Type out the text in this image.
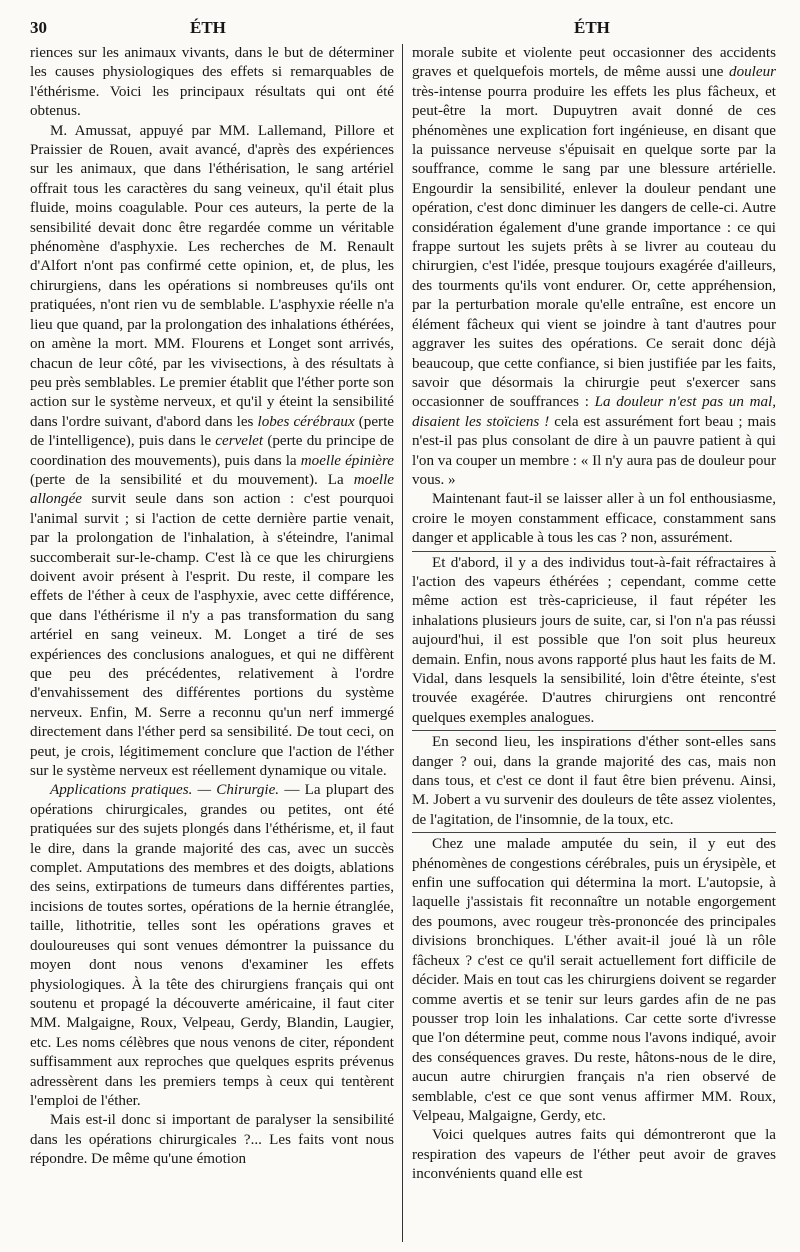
30	ÉTH	ÉTH

riences sur les animaux vivants, dans le but de déterminer les causes physiologiques des effets si remarquables de l'éthérisme. Voici les principaux résultats qui ont été obtenus.

M. Amussat, appuyé par MM. Lallemand, Pillore et Praissier de Rouen, avait avancé, d'après des expériences sur les animaux, que dans l'éthérisation, le sang artériel offrait tous les caractères du sang veineux, qu'il était plus fluide, moins coagulable. Pour ces auteurs, la perte de la sensibilité devait donc être regardée comme un véritable phénomène d'asphyxie. Les recherches de M. Renault d'Alfort n'ont pas confirmé cette opinion, et, de plus, les chirurgiens, dans les opérations si nombreuses qu'ils ont pratiquées, n'ont rien vu de semblable. L'asphyxie réelle n'a lieu que quand, par la prolongation des inhalations éthérées, on amène la mort. MM. Flourens et Longet sont arrivés, chacun de leur côté, par les vivisections, à des résultats à peu près semblables. Le premier établit que l'éther porte son action sur le système nerveux, et qu'il y éteint la sensibilité dans l'ordre suivant, d'abord dans les lobes cérébraux (perte de l'intelligence), puis dans le cervelet (perte du principe de coordination des mouvements), puis dans la moelle épinière (perte de la sensibilité et du mouvement). La moelle allongée survit seule dans son action : c'est pourquoi l'animal survit ; si l'action de cette dernière partie venait, par la prolongation de l'inhalation, à s'éteindre, l'animal succomberait sur-le-champ. C'est là ce que les chirurgiens doivent avoir présent à l'esprit. Du reste, il compare les effets de l'éther à ceux de l'asphyxie, avec cette différence, que dans l'éthérisme il n'y a pas transformation du sang artériel en sang veineux. M. Longet a tiré de ses expériences des conclusions analogues, et qui ne diffèrent que peu des précédentes, relativement à l'ordre d'envahissement des différentes portions du système nerveux. Enfin, M. Serre a reconnu qu'un nerf immergé directement dans l'éther perd sa sensibilité. De tout ceci, on peut, je crois, légitimement conclure que l'action de l'éther sur le système nerveux est réellement dynamique ou vitale.

Applications pratiques. — Chirurgie. — La plupart des opérations chirurgicales, grandes ou petites, ont été pratiquées sur des sujets plongés dans l'éthérisme, et, il faut le dire, dans la grande majorité des cas, avec un succès complet. Amputations des membres et des doigts, ablations des seins, extirpations de tumeurs dans différentes parties, incisions de toutes sortes, opérations de la hernie étranglée, taille, lithotritie, telles sont les opérations graves et douloureuses qui sont venues démontrer la puissance du moyen dont nous venons d'examiner les effets physiologiques. À la tête des chirurgiens français qui ont soutenu et propagé la découverte américaine, il faut citer MM. Malgaigne, Roux, Velpeau, Gerdy, Blandin, Laugier, etc. Les noms célèbres que nous venons de citer, répondent suffisamment aux reproches que quelques esprits prévenus adressèrent dans les premiers temps à ceux qui tentèrent l'emploi de l'éther.

Mais est-il donc si important de paralyser la sensibilité dans les opérations chirurgicales ?... Les faits vont nous répondre. De même qu'une émotion

morale subite et violente peut occasionner des accidents graves et quelquefois mortels, de même aussi une douleur très-intense pourra produire les effets les plus fâcheux, et peut-être la mort. Dupuytren avait donné de ces phénomènes une explication fort ingénieuse, en disant que la puissance nerveuse s'épuisait en quelque sorte par la souffrance, comme le sang par une blessure artérielle. Engourdir la sensibilité, enlever la douleur pendant une opération, c'est donc diminuer les dangers de celle-ci. Autre considération également d'une grande importance : ce qui frappe surtout les sujets prêts à se livrer au couteau du chirurgien, c'est l'idée, presque toujours exagérée d'ailleurs, des tourments qu'ils vont endurer. Or, cette appréhension, par la perturbation morale qu'elle entraîne, est encore un élément fâcheux qui vient se joindre à tant d'autres pour aggraver les suites des opérations. Ce serait donc déjà beaucoup, que cette confiance, si bien justifiée par les faits, savoir que désormais la chirurgie peut s'exercer sans occasionner de souffrances : La douleur n'est pas un mal, disaient les stoïciens ! cela est assurément fort beau ; mais n'est-il pas plus consolant de dire à un pauvre patient à qui l'on va couper un membre : « Il n'y aura pas de douleur pour vous. »

Maintenant faut-il se laisser aller à un fol enthousiasme, croire le moyen constamment efficace, constamment sans danger et applicable à tous les cas ? non, assurément.

Et d'abord, il y a des individus tout-à-fait réfractaires à l'action des vapeurs éthérées ; cependant, comme cette même action est très-capricieuse, il faut répéter les inhalations plusieurs jours de suite, car, si l'on n'a pas réussi aujourd'hui, il est possible que l'on soit plus heureux demain. Enfin, nous avons rapporté plus haut les faits de M. Vidal, dans lesquels la sensibilité, loin d'être éteinte, s'est trouvée exagérée. D'autres chirurgiens ont rencontré quelques exemples analogues.

En second lieu, les inspirations d'éther sont-elles sans danger ? oui, dans la grande majorité des cas, mais non dans tous, et c'est ce dont il faut être bien prévenu. Ainsi, M. Jobert a vu survenir des douleurs de tête assez violentes, de l'agitation, de l'insomnie, de la toux, etc.

Chez une malade amputée du sein, il y eut des phénomènes de congestions cérébrales, puis un érysipèle, et enfin une suffocation qui détermina la mort. L'autopsie, à laquelle j'assistais fit reconnaître un notable engorgement des poumons, avec rougeur très-prononcée des principales divisions bronchiques. L'éther avait-il joué là un rôle fâcheux ? c'est ce qu'il serait actuellement fort difficile de décider. Mais en tout cas les chirurgiens doivent se regarder comme avertis et se tenir sur leurs gardes afin de ne pas pousser trop loin les inhalations. Car cette sorte d'ivresse que l'on détermine peut, comme nous l'avons indiqué, avoir des conséquences graves. Du reste, hâtons-nous de le dire, aucun autre chirurgien français n'a rien observé de semblable, c'est ce que sont venus affirmer MM. Roux, Velpeau, Malgaigne, Gerdy, etc.

Voici quelques autres faits qui démontreront que la respiration des vapeurs de l'éther peut avoir de graves inconvénients quand elle est
